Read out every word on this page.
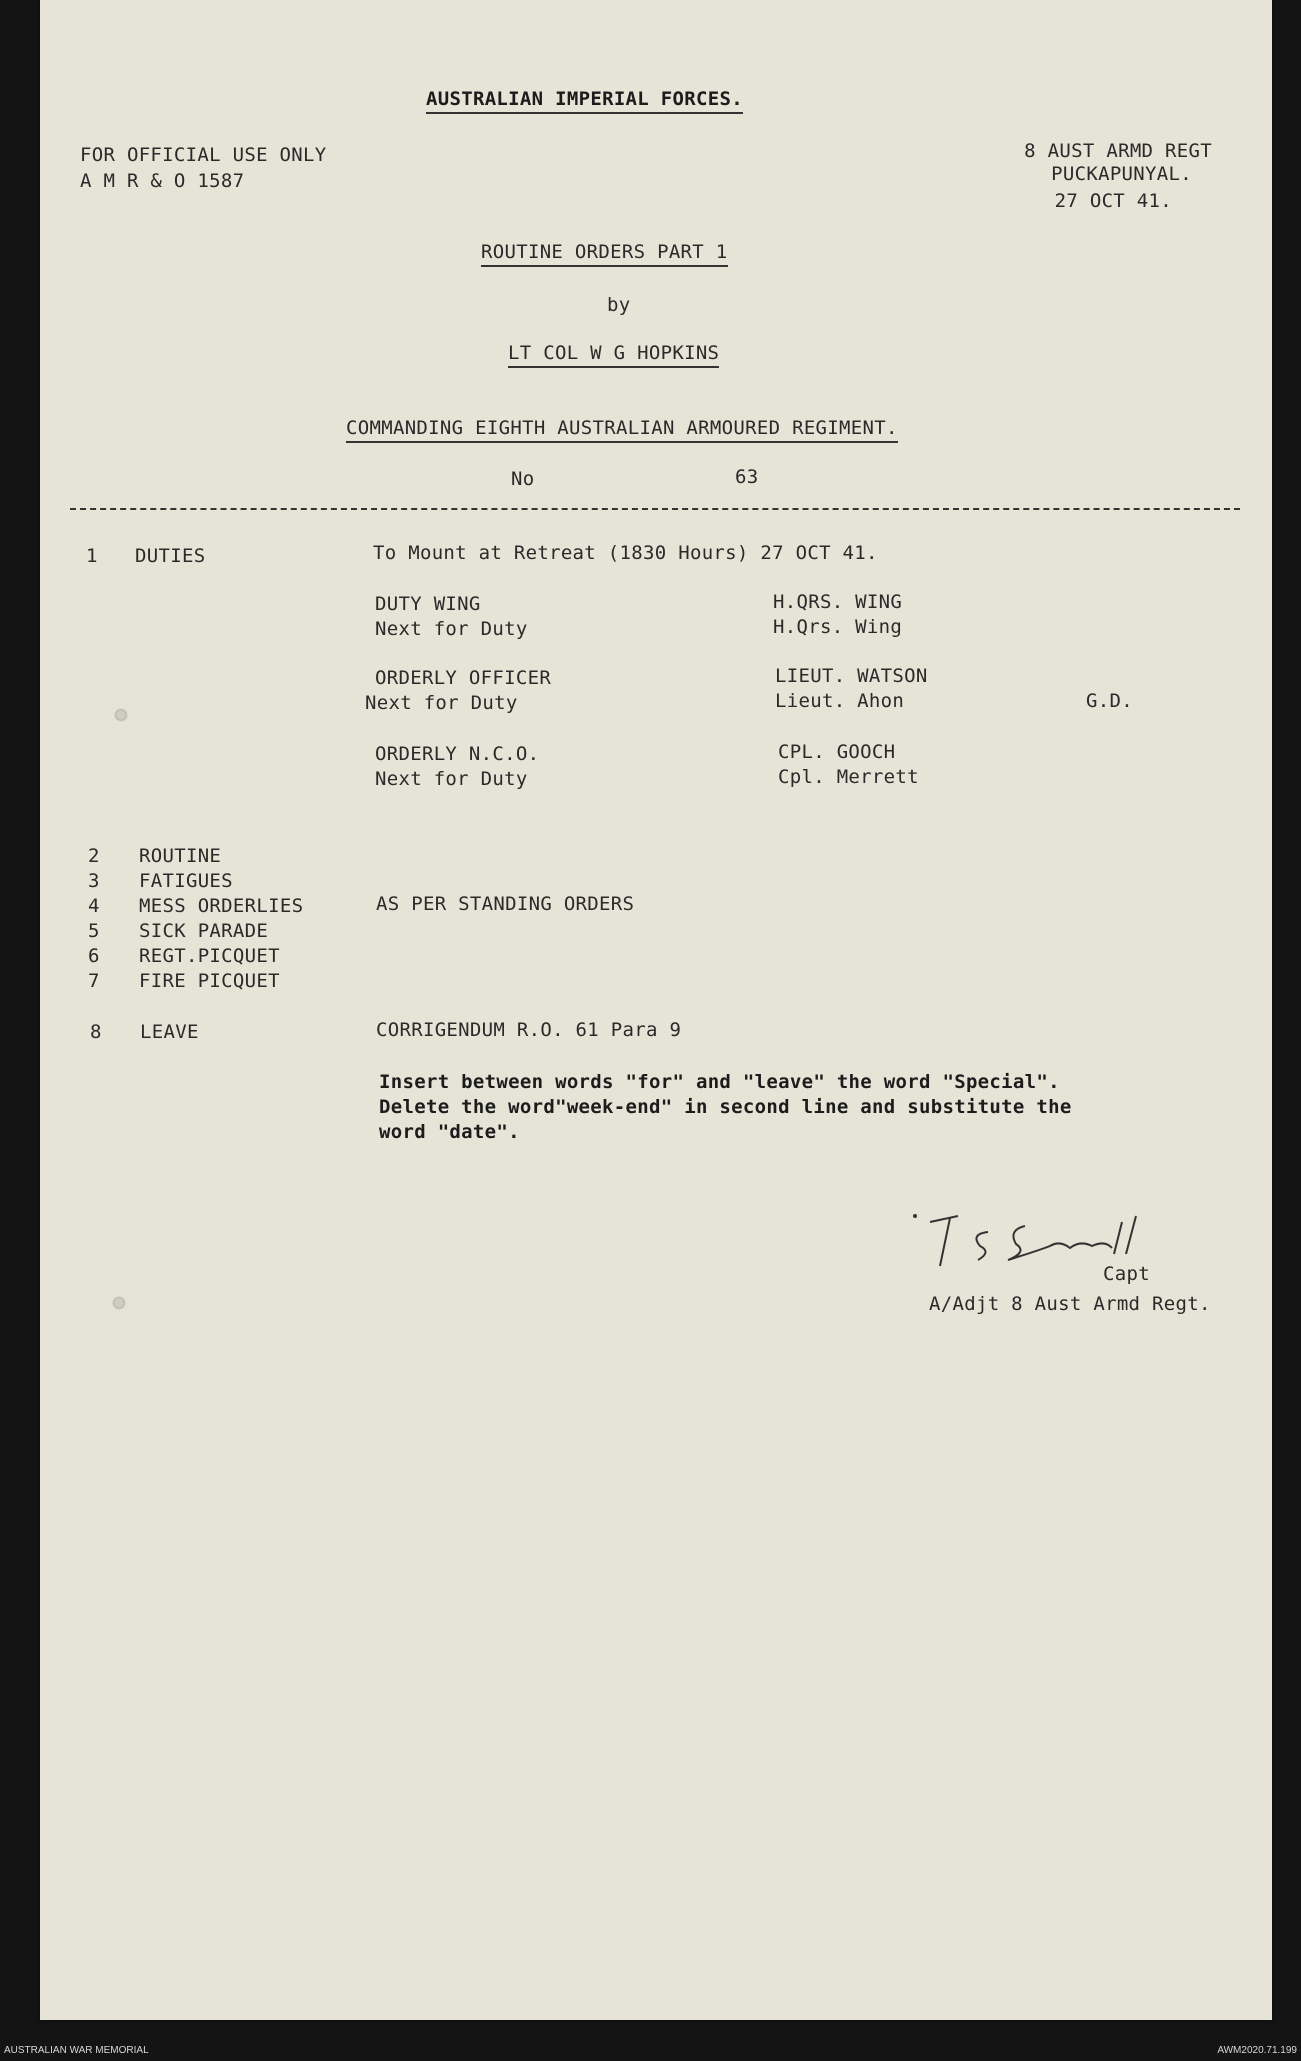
AUSTRALIAN IMPERIAL FORCES.
FOR OFFICIAL USE ONLY
A M R & O 1587
8 AUST ARMD REGT
PUCKAPUNYAL.
27 OCT 41.
ROUTINE ORDERS PART 1
by
LT COL W G HOPKINS
COMMANDING EIGHTH AUSTRALIAN ARMOURED REGIMENT.
No	63
1 DUTIES	To Mount at Retreat (1830 Hours) 27 OCT 41.
DUTY WING	H.QRS. WING
Next for Duty	H.Qrs. Wing
ORDERLY OFFICER	LIEUT. WATSON
Next for Duty	Lieut. Ahon	G.D.
ORDERLY N.C.O.	CPL. GOOCH
Next for Duty	Cpl. Merrett
2 ROUTINE
3 FATIGUES
4 MESS ORDERLIES
5 SICK PARADE
6 REGT.PICQUET
7 FIRE PICQUET
AS PER STANDING ORDERS
8 LEAVE	CORRIGENDUM R.O. 61 Para 9
Insert between words "for" and "leave" the word "Special".
Delete the word"week-end" in second line and substitute the
word "date".
Capt
A/Adjt 8 Aust Armd Regt.
AUSTRALIAN WAR MEMORIAL	AWM2020.71.199
